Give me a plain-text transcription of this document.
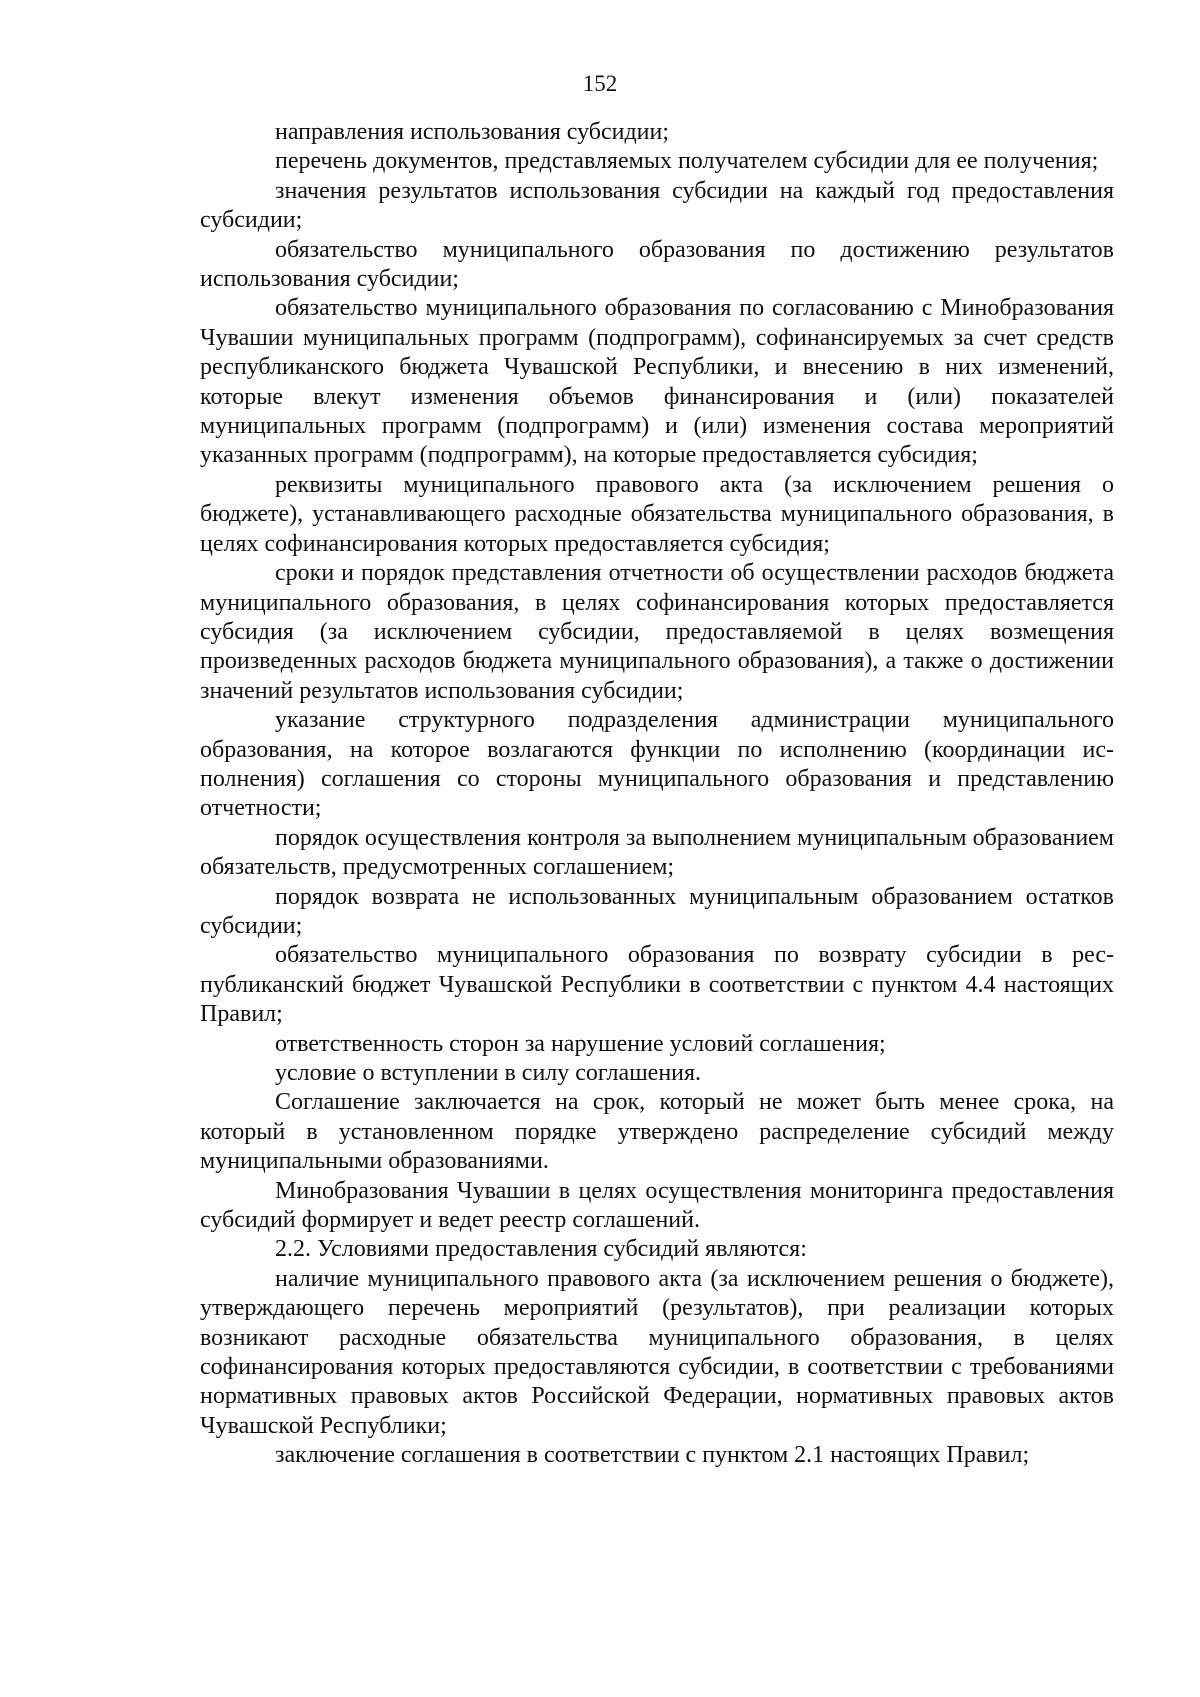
152

направления использования субсидии;

перечень документов, представляемых получателем субсидии для ее получения;

значения результатов использования субсидии на каждый год предоставления субсидии;

обязательство муниципального образования по достижению результатов использования субсидии;

обязательство муниципального образования по согласованию с Минобразования Чувашии муниципальных программ (подпрограмм), софинансируемых за счет средств республиканского бюджета Чувашской Республики, и внесению в них изменений, которые влекут изменения объемов финансирования и (или) показателей муниципальных программ (подпрограмм) и (или) изменения состава мероприятий указанных программ (подпрограмм), на которые предоставляется субсидия;

реквизиты муниципального правового акта (за исключением решения о бюджете), устанавливающего расходные обязательства муниципального образования, в целях софинансирования которых предоставляется субсидия;

сроки и порядок представления отчетности об осуществлении расходов бюджета муниципального образования, в целях софинансирования которых предоставляется субсидия (за исключением субсидии, предоставляемой в целях возмещения произведенных расходов бюджета муниципального образования), а также о достижении значений результатов использования субсидии;

указание структурного подразделения администрации муниципального образования, на которое возлагаются функции по исполнению (координации исполнения) соглашения со стороны муниципального образования и представлению отчетности;

порядок осуществления контроля за выполнением муниципальным образованием обязательств, предусмотренных соглашением;

порядок возврата не использованных муниципальным образованием остатков субсидии;

обязательство муниципального образования по возврату субсидии в республиканский бюджет Чувашской Республики в соответствии с пунктом 4.4 настоящих Правил;

ответственность сторон за нарушение условий соглашения;

условие о вступлении в силу соглашения.

Соглашение заключается на срок, который не может быть менее срока, на который в установленном порядке утверждено распределение субсидий между муниципальными образованиями.

Минобразования Чувашии в целях осуществления мониторинга предоставления субсидий формирует и ведет реестр соглашений.

2.2. Условиями предоставления субсидий являются:

наличие муниципального правового акта (за исключением решения о бюджете), утверждающего перечень мероприятий (результатов), при реализации которых возникают расходные обязательства муниципального образования, в целях софинансирования которых предоставляются субсидии, в соответствии с требованиями нормативных правовых актов Российской Федерации, нормативных правовых актов Чувашской Республики;

заключение соглашения в соответствии с пунктом 2.1 настоящих Правил;
